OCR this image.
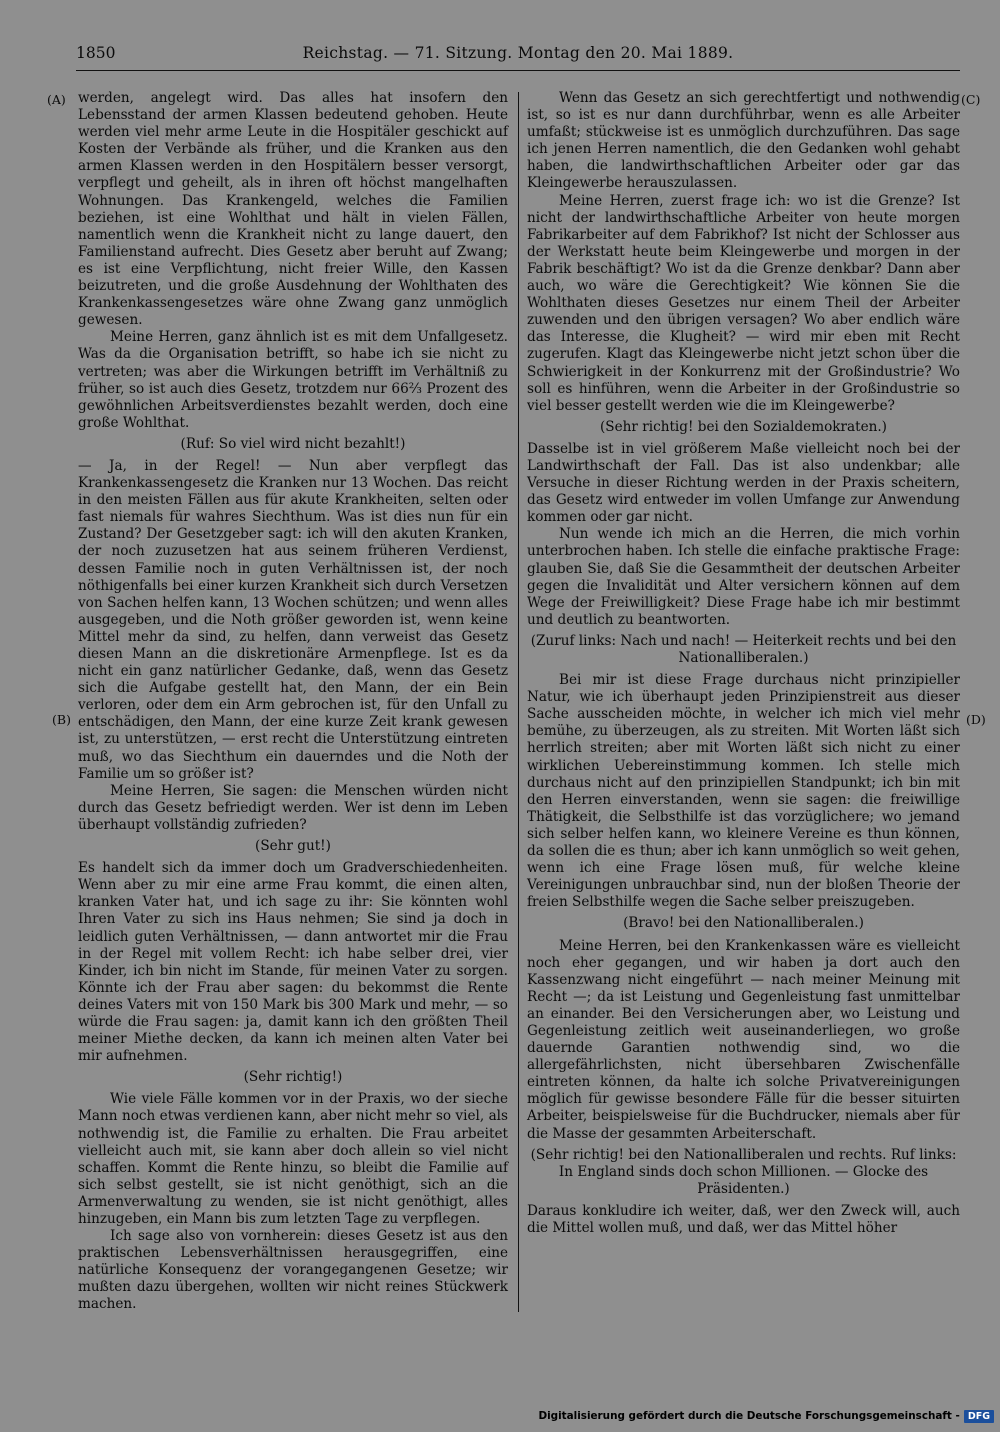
1850	Reichstag. — 71. Sitzung. Montag den 20. Mai 1889.
(A)
(B)
(C)
(D)

werden, angelegt wird. Das alles hat insofern den Lebensstand der armen Klassen bedeutend gehoben. Heute werden viel mehr arme Leute in die Hospitäler geschickt auf Kosten der Verbände als früher, und die Kranken aus den armen Klassen werden in den Hospitälern besser versorgt, verpflegt und geheilt, als in ihren oft höchst mangelhaften Wohnungen. Das Krankengeld, welches die Familien beziehen, ist eine Wohlthat und hält in vielen Fällen, namentlich wenn die Krankheit nicht zu lange dauert, den Familienstand aufrecht. Dies Gesetz aber beruht auf Zwang; es ist eine Verpflichtung, nicht freier Wille, den Kassen beizutreten, und die große Ausdehnung der Wohlthaten des Krankenkassengesetzes wäre ohne Zwang ganz unmöglich gewesen.

Meine Herren, ganz ähnlich ist es mit dem Unfallgesetz. Was da die Organisation betrifft, so habe ich sie nicht zu vertreten; was aber die Wirkungen betrifft im Verhältniß zu früher, so ist auch dies Gesetz, trotzdem nur 66⅔ Prozent des gewöhnlichen Arbeitsverdienstes bezahlt werden, doch eine große Wohlthat.

(Ruf: So viel wird nicht bezahlt!)

— Ja, in der Regel! — Nun aber verpflegt das Krankenkassengesetz die Kranken nur 13 Wochen. Das reicht in den meisten Fällen aus für akute Krankheiten, selten oder fast niemals für wahres Siechthum. Was ist dies nun für ein Zustand? Der Gesetzgeber sagt: ich will den akuten Kranken, der noch zuzusetzen hat aus seinem früheren Verdienst, dessen Familie noch in guten Verhältnissen ist, der noch nöthigenfalls bei einer kurzen Krankheit sich durch Versetzen von Sachen helfen kann, 13 Wochen schützen; und wenn alles ausgegeben, und die Noth größer geworden ist, wenn keine Mittel mehr da sind, zu helfen, dann verweist das Gesetz diesen Mann an die diskretionäre Armenpflege. Ist es da nicht ein ganz natürlicher Gedanke, daß, wenn das Gesetz sich die Aufgabe gestellt hat, den Mann, der ein Bein verloren, oder dem ein Arm gebrochen ist, für den Unfall zu entschädigen, den Mann, der eine kurze Zeit krank gewesen ist, zu unterstützen, — erst recht die Unterstützung eintreten muß, wo das Siechthum ein dauerndes und die Noth der Familie um so größer ist?

Meine Herren, Sie sagen: die Menschen würden nicht durch das Gesetz befriedigt werden. Wer ist denn im Leben überhaupt vollständig zufrieden?

(Sehr gut!)

Es handelt sich da immer doch um Gradverschiedenheiten. Wenn aber zu mir eine arme Frau kommt, die einen alten, kranken Vater hat, und ich sage zu ihr: Sie könnten wohl Ihren Vater zu sich ins Haus nehmen; Sie sind ja doch in leidlich guten Verhältnissen, — dann antwortet mir die Frau in der Regel mit vollem Recht: ich habe selber drei, vier Kinder, ich bin nicht im Stande, für meinen Vater zu sorgen. Könnte ich der Frau aber sagen: du bekommst die Rente deines Vaters mit von 150 Mark bis 300 Mark und mehr, — so würde die Frau sagen: ja, damit kann ich den größten Theil meiner Miethe decken, da kann ich meinen alten Vater bei mir aufnehmen.

(Sehr richtig!)

Wie viele Fälle kommen vor in der Praxis, wo der sieche Mann noch etwas verdienen kann, aber nicht mehr so viel, als nothwendig ist, die Familie zu erhalten. Die Frau arbeitet vielleicht auch mit, sie kann aber doch allein so viel nicht schaffen. Kommt die Rente hinzu, so bleibt die Familie auf sich selbst gestellt, sie ist nicht genöthigt, sich an die Armenverwaltung zu wenden, sie ist nicht genöthigt, alles hinzugeben, ein Mann bis zum letzten Tage zu verpflegen.

Ich sage also von vornherein: dieses Gesetz ist aus den praktischen Lebensverhältnissen herausgegriffen, eine natürliche Konsequenz der vorangegangenen Gesetze; wir mußten dazu übergehen, wollten wir nicht reines Stückwerk machen.

Wenn das Gesetz an sich gerechtfertigt und nothwendig ist, so ist es nur dann durchführbar, wenn es alle Arbeiter umfaßt; stückweise ist es unmöglich durchzuführen. Das sage ich jenen Herren namentlich, die den Gedanken wohl gehabt haben, die landwirthschaftlichen Arbeiter oder gar das Kleingewerbe herauszulassen.

Meine Herren, zuerst frage ich: wo ist die Grenze? Ist nicht der landwirthschaftliche Arbeiter von heute morgen Fabrikarbeiter auf dem Fabrikhof? Ist nicht der Schlosser aus der Werkstatt heute beim Kleingewerbe und morgen in der Fabrik beschäftigt? Wo ist da die Grenze denkbar? Dann aber auch, wo wäre die Gerechtigkeit? Wie können Sie die Wohlthaten dieses Gesetzes nur einem Theil der Arbeiter zuwenden und den übrigen versagen? Wo aber endlich wäre das Interesse, die Klugheit? — wird mir eben mit Recht zugerufen. Klagt das Kleingewerbe nicht jetzt schon über die Schwierigkeit in der Konkurrenz mit der Großindustrie? Wo soll es hinführen, wenn die Arbeiter in der Großindustrie so viel besser gestellt werden wie die im Kleingewerbe?

(Sehr richtig! bei den Sozialdemokraten.)

Dasselbe ist in viel größerem Maße vielleicht noch bei der Landwirthschaft der Fall. Das ist also undenkbar; alle Versuche in dieser Richtung werden in der Praxis scheitern, das Gesetz wird entweder im vollen Umfange zur Anwendung kommen oder gar nicht.

Nun wende ich mich an die Herren, die mich vorhin unterbrochen haben. Ich stelle die einfache praktische Frage: glauben Sie, daß Sie die Gesammtheit der deutschen Arbeiter gegen die Invalidität und Alter versichern können auf dem Wege der Freiwilligkeit? Diese Frage habe ich mir bestimmt und deutlich zu beantworten.

(Zuruf links: Nach und nach! — Heiterkeit rechts und bei den Nationalliberalen.)

Bei mir ist diese Frage durchaus nicht prinzipieller Natur, wie ich überhaupt jeden Prinzipienstreit aus dieser Sache ausscheiden möchte, in welcher ich mich viel mehr bemühe, zu überzeugen, als zu streiten. Mit Worten läßt sich herrlich streiten; aber mit Worten läßt sich nicht zu einer wirklichen Uebereinstimmung kommen. Ich stelle mich durchaus nicht auf den prinzipiellen Standpunkt; ich bin mit den Herren einverstanden, wenn sie sagen: die freiwillige Thätigkeit, die Selbsthilfe ist das vorzüglichere; wo jemand sich selber helfen kann, wo kleinere Vereine es thun können, da sollen die es thun; aber ich kann unmöglich so weit gehen, wenn ich eine Frage lösen muß, für welche kleine Vereinigungen unbrauchbar sind, nun der bloßen Theorie der freien Selbsthilfe wegen die Sache selber preiszugeben.

(Bravo! bei den Nationalliberalen.)

Meine Herren, bei den Krankenkassen wäre es vielleicht noch eher gegangen, und wir haben ja dort auch den Kassenzwang nicht eingeführt — nach meiner Meinung mit Recht —; da ist Leistung und Gegenleistung fast unmittelbar an einander. Bei den Versicherungen aber, wo Leistung und Gegenleistung zeitlich weit auseinanderliegen, wo große dauernde Garantien nothwendig sind, wo die allergefährlichsten, nicht übersehbaren Zwischenfälle eintreten können, da halte ich solche Privatvereinigungen möglich für gewisse besondere Fälle für die besser situirten Arbeiter, beispielsweise für die Buchdrucker, niemals aber für die Masse der gesammten Arbeiterschaft.

(Sehr richtig! bei den Nationalliberalen und rechts. Ruf links: In England sinds doch schon Millionen. — Glocke des Präsidenten.)

Daraus konkludire ich weiter, daß, wer den Zweck will, auch die Mittel wollen muß, und daß, wer das Mittel höher

Digitalisierung gefördert durch die Deutsche Forschungsgemeinschaft - DFG
